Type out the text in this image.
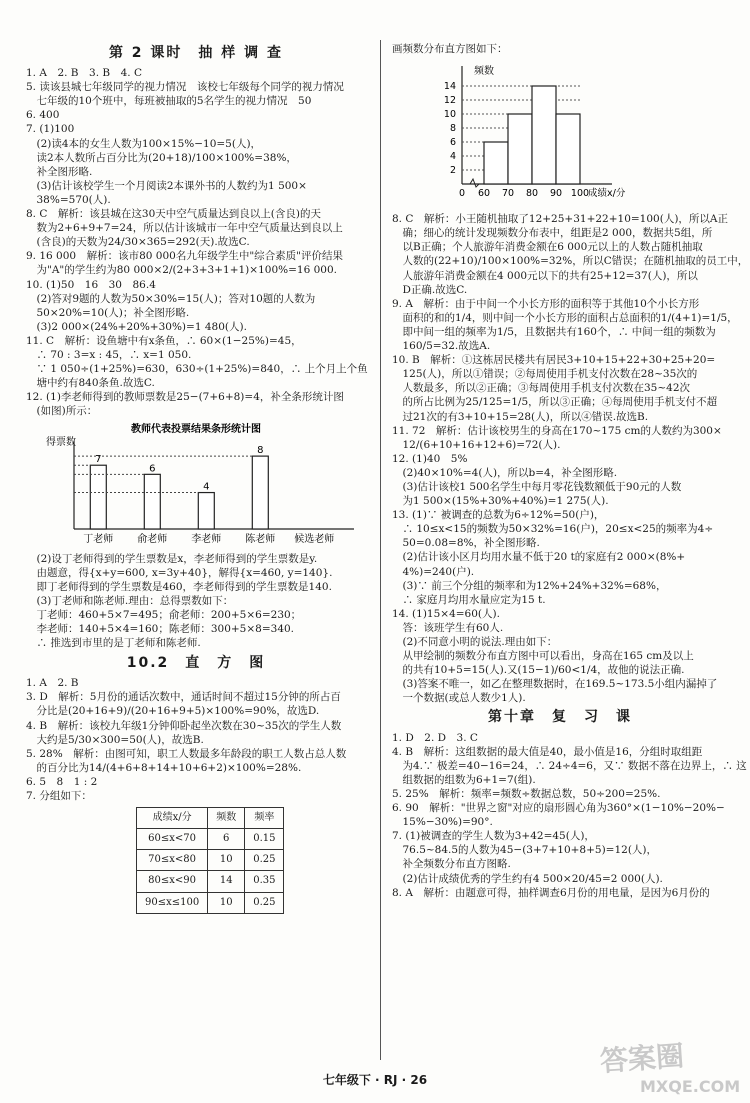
第 2 课时　抽 样 调 查
1. A　2. B　3. B　4. C
5. 读该县城七年级同学的视力情况　该校七年级每个同学的视力情况
　七年级的10个班中，每班被抽取的5名学生的视力情况　50
6. 400
7. (1)100
　(2)读4本的女生人数为100×15%−10=5(人)，
　读2本人数所占百分比为(20+18)/100×100%=38%，
　补全图形略.
　(3)估计该校学生一个月阅读2本课外书的人数约为1 500×
　38%=570(人).
8. C　解析：该县城在这30天中空气质量达到良以上(含良)的天
　数为2+6+9+7=24，所以估计该城市一年中空气质量达到良以上
　(含良)的天数为24/30×365=292(天).故选C.
9. 16 000　解析：该市80 000名九年级学生中"综合素质"评价结果
　为"A"的学生约为80 000×2/(2+3+3+1+1)×100%=16 000.
10. (1)50　16　30　86.4
　(2)答对9题的人数为50×30%=15(人)；答对10题的人数为
　50×20%=10(人)；补全图形略.
　(3)2 000×(24%+20%+30%)=1 480(人).
11. C　解析：设鱼塘中有x条鱼，∴ 60×(1−25%)=45，
　∴ 70 : 3=x : 45，∴ x=1 050.
　∵ 1 050÷(1+25%)=630，630÷(1+25%)=840，∴ 上个月上个鱼
　塘中约有840条鱼.故选C.
12. (1)李老师得到的教师票数是25−(7+6+8)=4，补全条形统计图
　(如图)所示：
教师代表投票结果条形统计图
得票数
7
丁老师
6
俞老师
4
李老师
8
陈老师 候选老师
　(2)设丁老师得到的学生票数是x，李老师得到的学生票数是y.
　由题意，得{x+y=600, x=3y+40}，解得{x=460, y=140}.
　即丁老师得到的学生票数是460，李老师得到的学生票数是140.
　(3)丁老师和陈老师.理由：总得票数如下：
　丁老师：460+5×7=495；俞老师：200+5×6=230；
　李老师：140+5×4=160；陈老师：300+5×8=340.
　∴ 推选到市里的是丁老师和陈老师.
10.2　直　方　图
1. A　2. B
3. D　解析：5月份的通话次数中，通话时间不超过15分钟的所占百
　分比是(20+16+9)/(20+16+9+5)×100%=90%，故选D.
4. B　解析：该校九年级1分钟仰卧起坐次数在30~35次的学生人数
　大约是5/30×300=50(人)，故选B.
5. 28%　解析：由图可知，职工人数最多年龄段的职工人数占总人数
　的百分比为14/(4+6+8+14+10+6+2)×100%=28%.
6. 5　8　1 : 2
7. 分组如下：
成绩x/分	频数	频率
60≤x<70	6	0.15
70≤x<80	10	0.25
80≤x<90	14	0.35
90≤x≤100	10	0.25
画频数分布直方图如下：
频数
2
4
6
8
10
12
14
0 60 70 80 90 100
成绩x/分
8. C　解析：小王随机抽取了12+25+31+22+10=100(人)，所以A正
　确；细心的统计发现频数分布表中，组距是2 000，数据共5组，所
　以B正确；个人旅游年消费金额在6 000元以上的人数占随机抽取
　人数的(22+10)/100×100%=32%，所以C错误；在随机抽取的员工中，
　人旅游年消费金额在4 000元以下的共有25+12=37(人)，所以
　D正确.故选C.
9. A　解析：由于中间一个小长方形的面积等于其他10个小长方形
　面积的和的1/4，则中间一个小长方形的面积占总面积的1/(4+1)=1/5，
　即中间一组的频率为1/5，且数据共有160个，∴ 中间一组的频数为
　160/5=32.故选A.
10. B　解析：①这栋居民楼共有居民3+10+15+22+30+25+20=
　125(人)，所以①错误；②每周使用手机支付次数在28~35次的
　人数最多，所以②正确；③每周使用手机支付次数在35~42次
　的所占比例为25/125=1/5，所以③正确；④每周使用手机支付不超
　过21次的有3+10+15=28(人)，所以④错误.故选B.
11. 72　解析：估计该校男生的身高在170~175 cm的人数约为300×
　12/(6+10+16+12+6)=72(人).
12. (1)40　5%
　(2)40×10%=4(人)，所以b=4，补全图形略.
　(3)估计该校1 500名学生中每月零花钱数额低于90元的人数
　为1 500×(15%+30%+40%)=1 275(人).
13. (1)∵ 被调查的总数为6÷12%=50(户)，
　∴ 10≤x<15的频数为50×32%=16(户)，20≤x<25的频率为4÷
　50=0.08=8%，补全图形略.
　(2)估计该小区月均用水量不低于20 t的家庭有2 000×(8%+
　4%)=240(户).
　(3)∵ 前三个分组的频率和为12%+24%+32%=68%，
　∴ 家庭月均用水量应定为15 t.
14. (1)15×4=60(人).
　答：该班学生有60人.
　(2)不同意小明的说法.理由如下：
　从甲绘制的频数分布直方图中可以看出，身高在165 cm及以上
　的共有10+5=15(人).又(15−1)/60<1/4，故他的说法正确.
　(3)答案不唯一，如乙在整理数据时，在169.5~173.5小组内漏掉了
　一个数据(或总人数少1人).
第十章　复　习　课
1. D　2. D　3. C
4. B　解析：这组数据的最大值是40，最小值是16，分组时取组距
　为4.∵ 极差=40−16=24，∴ 24÷4=6，又∵ 数据不落在边界上，∴ 这
　组数据的组数为6+1=7(组).
5. 25%　解析：频率=频数÷数据总数，50÷200=25%.
6. 90　解析："世界之窗"对应的扇形圆心角为360°×(1−10%−20%−
　15%−30%)=90°.
7. (1)被调查的学生人数为3+42=45(人)，
　76.5~84.5的人数为45−(3+7+10+8+5)=12(人)，
　补全频数分布直方图略.
　(2)估计成绩优秀的学生约有4 500×20/45=2 000(人).
8. A　解析：由题意可得，抽样调查6月份的用电量，是因为6月份的
七年级下 · RJ · 26
答案圈
MXQE.COM
